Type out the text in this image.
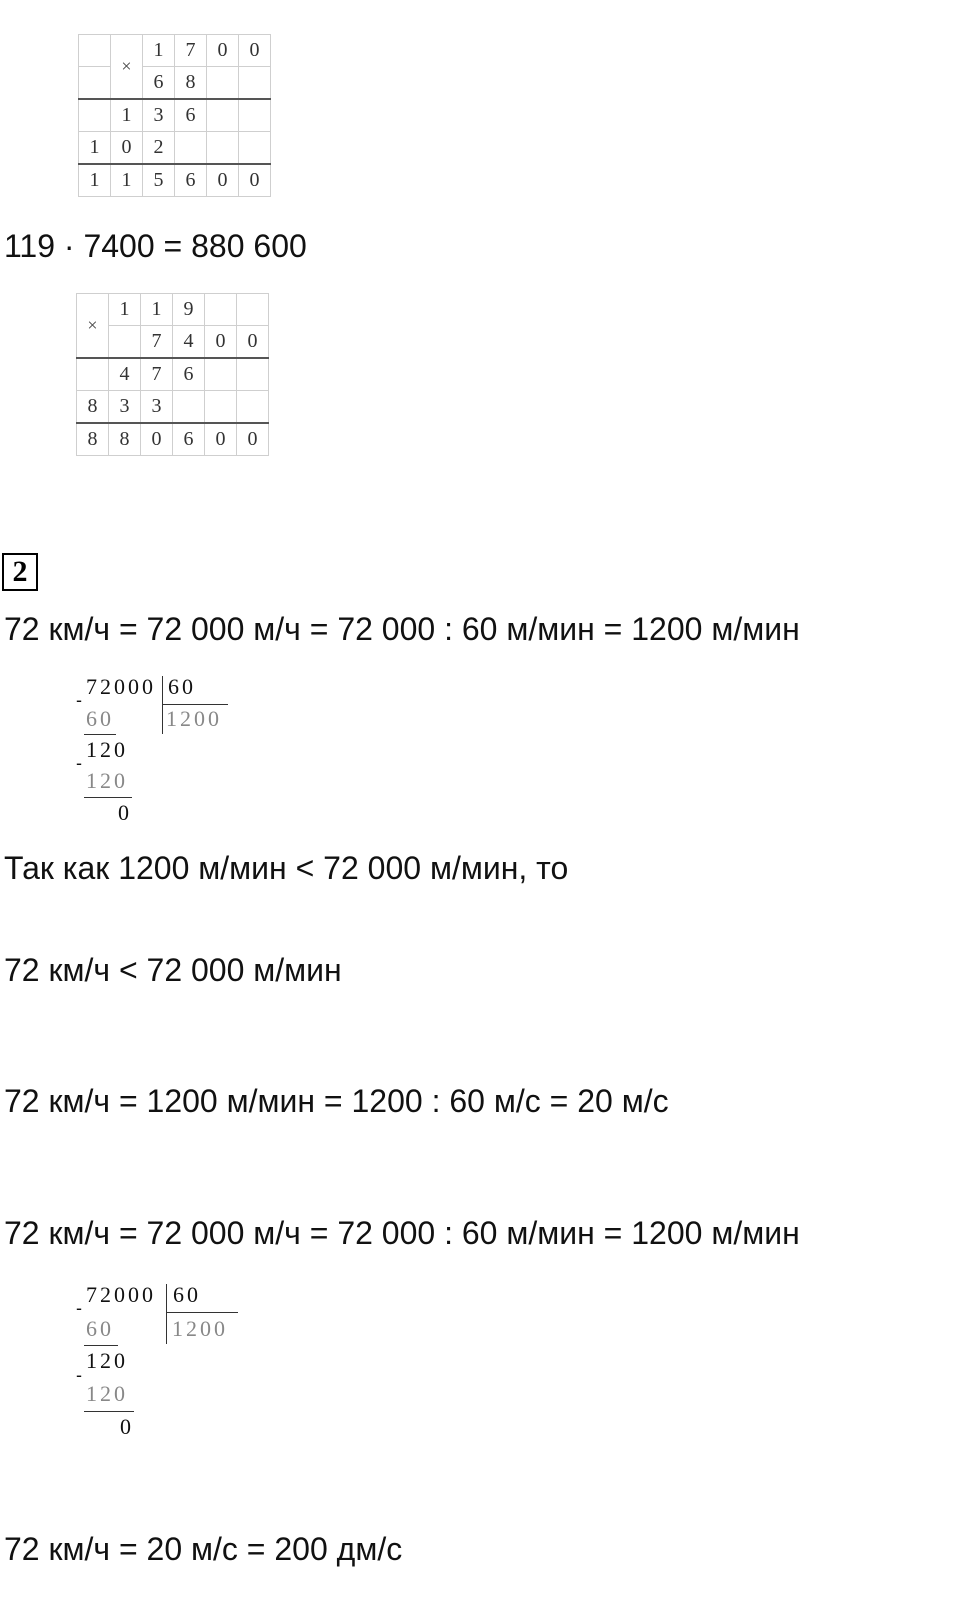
	×	1	7	0	0
		6	8		
	1	3	6		
1	0	2			
1	1	5	6	0	0
119 · 7400 = 880 600
×	1	1	9		
		7	4	0	0
	4	7	6		
8	3	3			
8	8	0	6	0	0
2
72 км/ч = 72 000 м/ч = 72 000 : 60 м/мин = 1200 м/мин
72000 60
1200
-
60
120
-
120
0
Так как 1200 м/мин < 72 000 м/мин, то
72 км/ч < 72 000 м/мин
72 км/ч = 1200 м/мин = 1200 : 60 м/с = 20 м/с
72 км/ч = 72 000 м/ч = 72 000 : 60 м/мин = 1200 м/мин
72000 60
1200
-
60
120
-
120
0
72 км/ч = 20 м/с = 200 дм/с
